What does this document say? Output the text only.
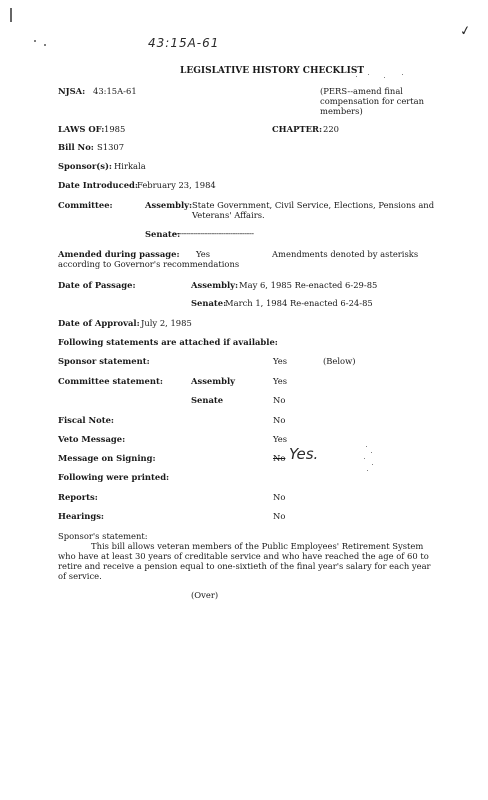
43:15A-61
✓
LEGISLATIVE HISTORY CHECKLIST
NJSA: 43:15A-61	(PERS--amend final
compensation for certan
members)
LAWS OF: 1985	CHAPTER: 220
Bill No: S1307
Sponsor(s): Hirkala
Date Introduced: February 23, 1984
Committee:	Assembly: State Government, Civil Service, Elections, Pensions and
Veterans' Affairs.
Senate:
-----------------------------------
Amended during passage: Yes	Amendments denoted by asterisks
according to Governor's recommendations
Date of Passage:	Assembly: May 6, 1985 Re-enacted 6-29-85
Senate:
March 1, 1984 Re-enacted 6-24-85
Date of Approval: July 2, 1985
Following statements are attached if available:
Sponsor statement:	Yes	(Below)
Committee statement:	Assembly	Yes
Senate	No
Fiscal Note:	No
Veto Message:	Yes
Message on Signing:	No Yes.
Following were printed:
Reports:	No
Hearings:	No
Sponsor's statement:
This bill allows veteran members of the Public Employees' Retirement System
who have at least 30 years of creditable service and who have reached the age of 60 to
retire and receive a pension equal to one-sixtieth of the final year's salary for each year
of service.
(Over)
